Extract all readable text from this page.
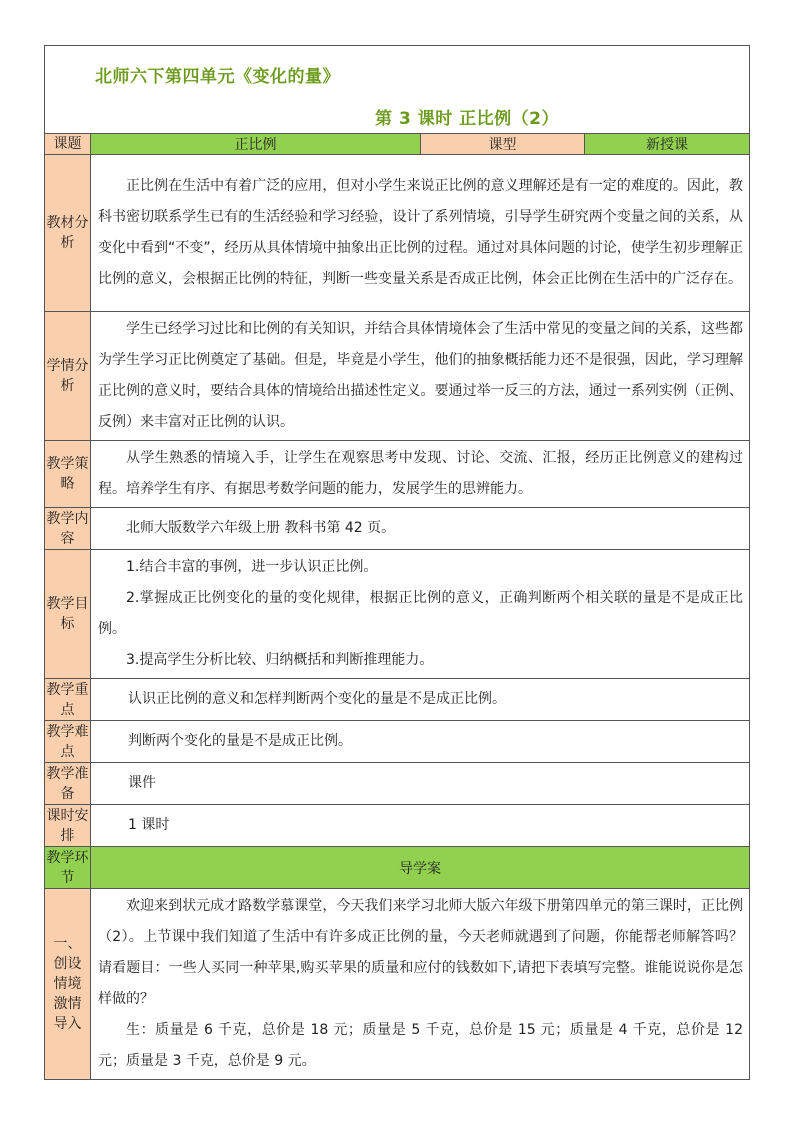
北师六下第四单元《变化的量》
第 3 课时 正比例（2）			

课题	正比例	课型	新授课
教材分析	正比例在生活中有着广泛的应用，但对小学生来说正比例的意义理解还是有一定的难度的。因此，教科书密切联系学生已有的生活经验和学习经验，设计了系列情境，引导学生研究两个变量之间的关系，从变化中看到“不变”，经历从具体情境中抽象出正比例的过程。通过对具体问题的讨论，使学生初步理解正比例的意义，会根据正比例的特征，判断一些变量关系是否成正比例，体会正比例在生活中的广泛存在。		

学情分析	学生已经学习过比和比例的有关知识，并结合具体情境体会了生活中常见的变量之间的关系，这些都为学生学习正比例奠定了基础。但是，毕竟是小学生，他们的抽象概括能力还不是很强，因此，学习理解正比例的意义时，要结合具体的情境给出描述性定义。要通过举一反三的方法，通过一系列实例（正例、反例）来丰富对正比例的认识。		

教学策略	从学生熟悉的情境入手，让学生在观察思考中发现、讨论、交流、汇报，经历正比例意义的建构过程。培养学生有序、有据思考数学问题的能力，发展学生的思辨能力。		

教学内容	北师大版数学六年级上册 教科书第 42 页。		

教学目标	1.结合丰富的事例，进一步认识正比例。

2.掌握成正比例变化的量的变化规律，根据正比例的意义，正确判断两个相关联的量是不是成正比例。

3.提高学生分析比较、归纳概括和判断推理能力。		

教学重点	认识正比例的意义和怎样判断两个变化的量是不是成正比例。		
教学难点	判断两个变化的量是不是成正比例。		
教学准备	课件		
课时安排	1 课时		
教学环节	导学案		

一、创设情境激情导入	欢迎来到状元成才路数学慕课堂，今天我们来学习北师大版六年级下册第四单元的第三课时，正比例（2）。上节课中我们知道了生活中有许多成正比例的量，今天老师就遇到了问题，你能帮老师解答吗？请看题目：一些人买同一种苹果,购买苹果的质量和应付的钱数如下,请把下表填写完整。谁能说说你是怎样做的？

生：质量是 6 千克，总价是 18 元；质量是 5 千克，总价是 15 元；质量是 4 千克，总价是 12 元；质量是 3 千克，总价是 9 元。		
